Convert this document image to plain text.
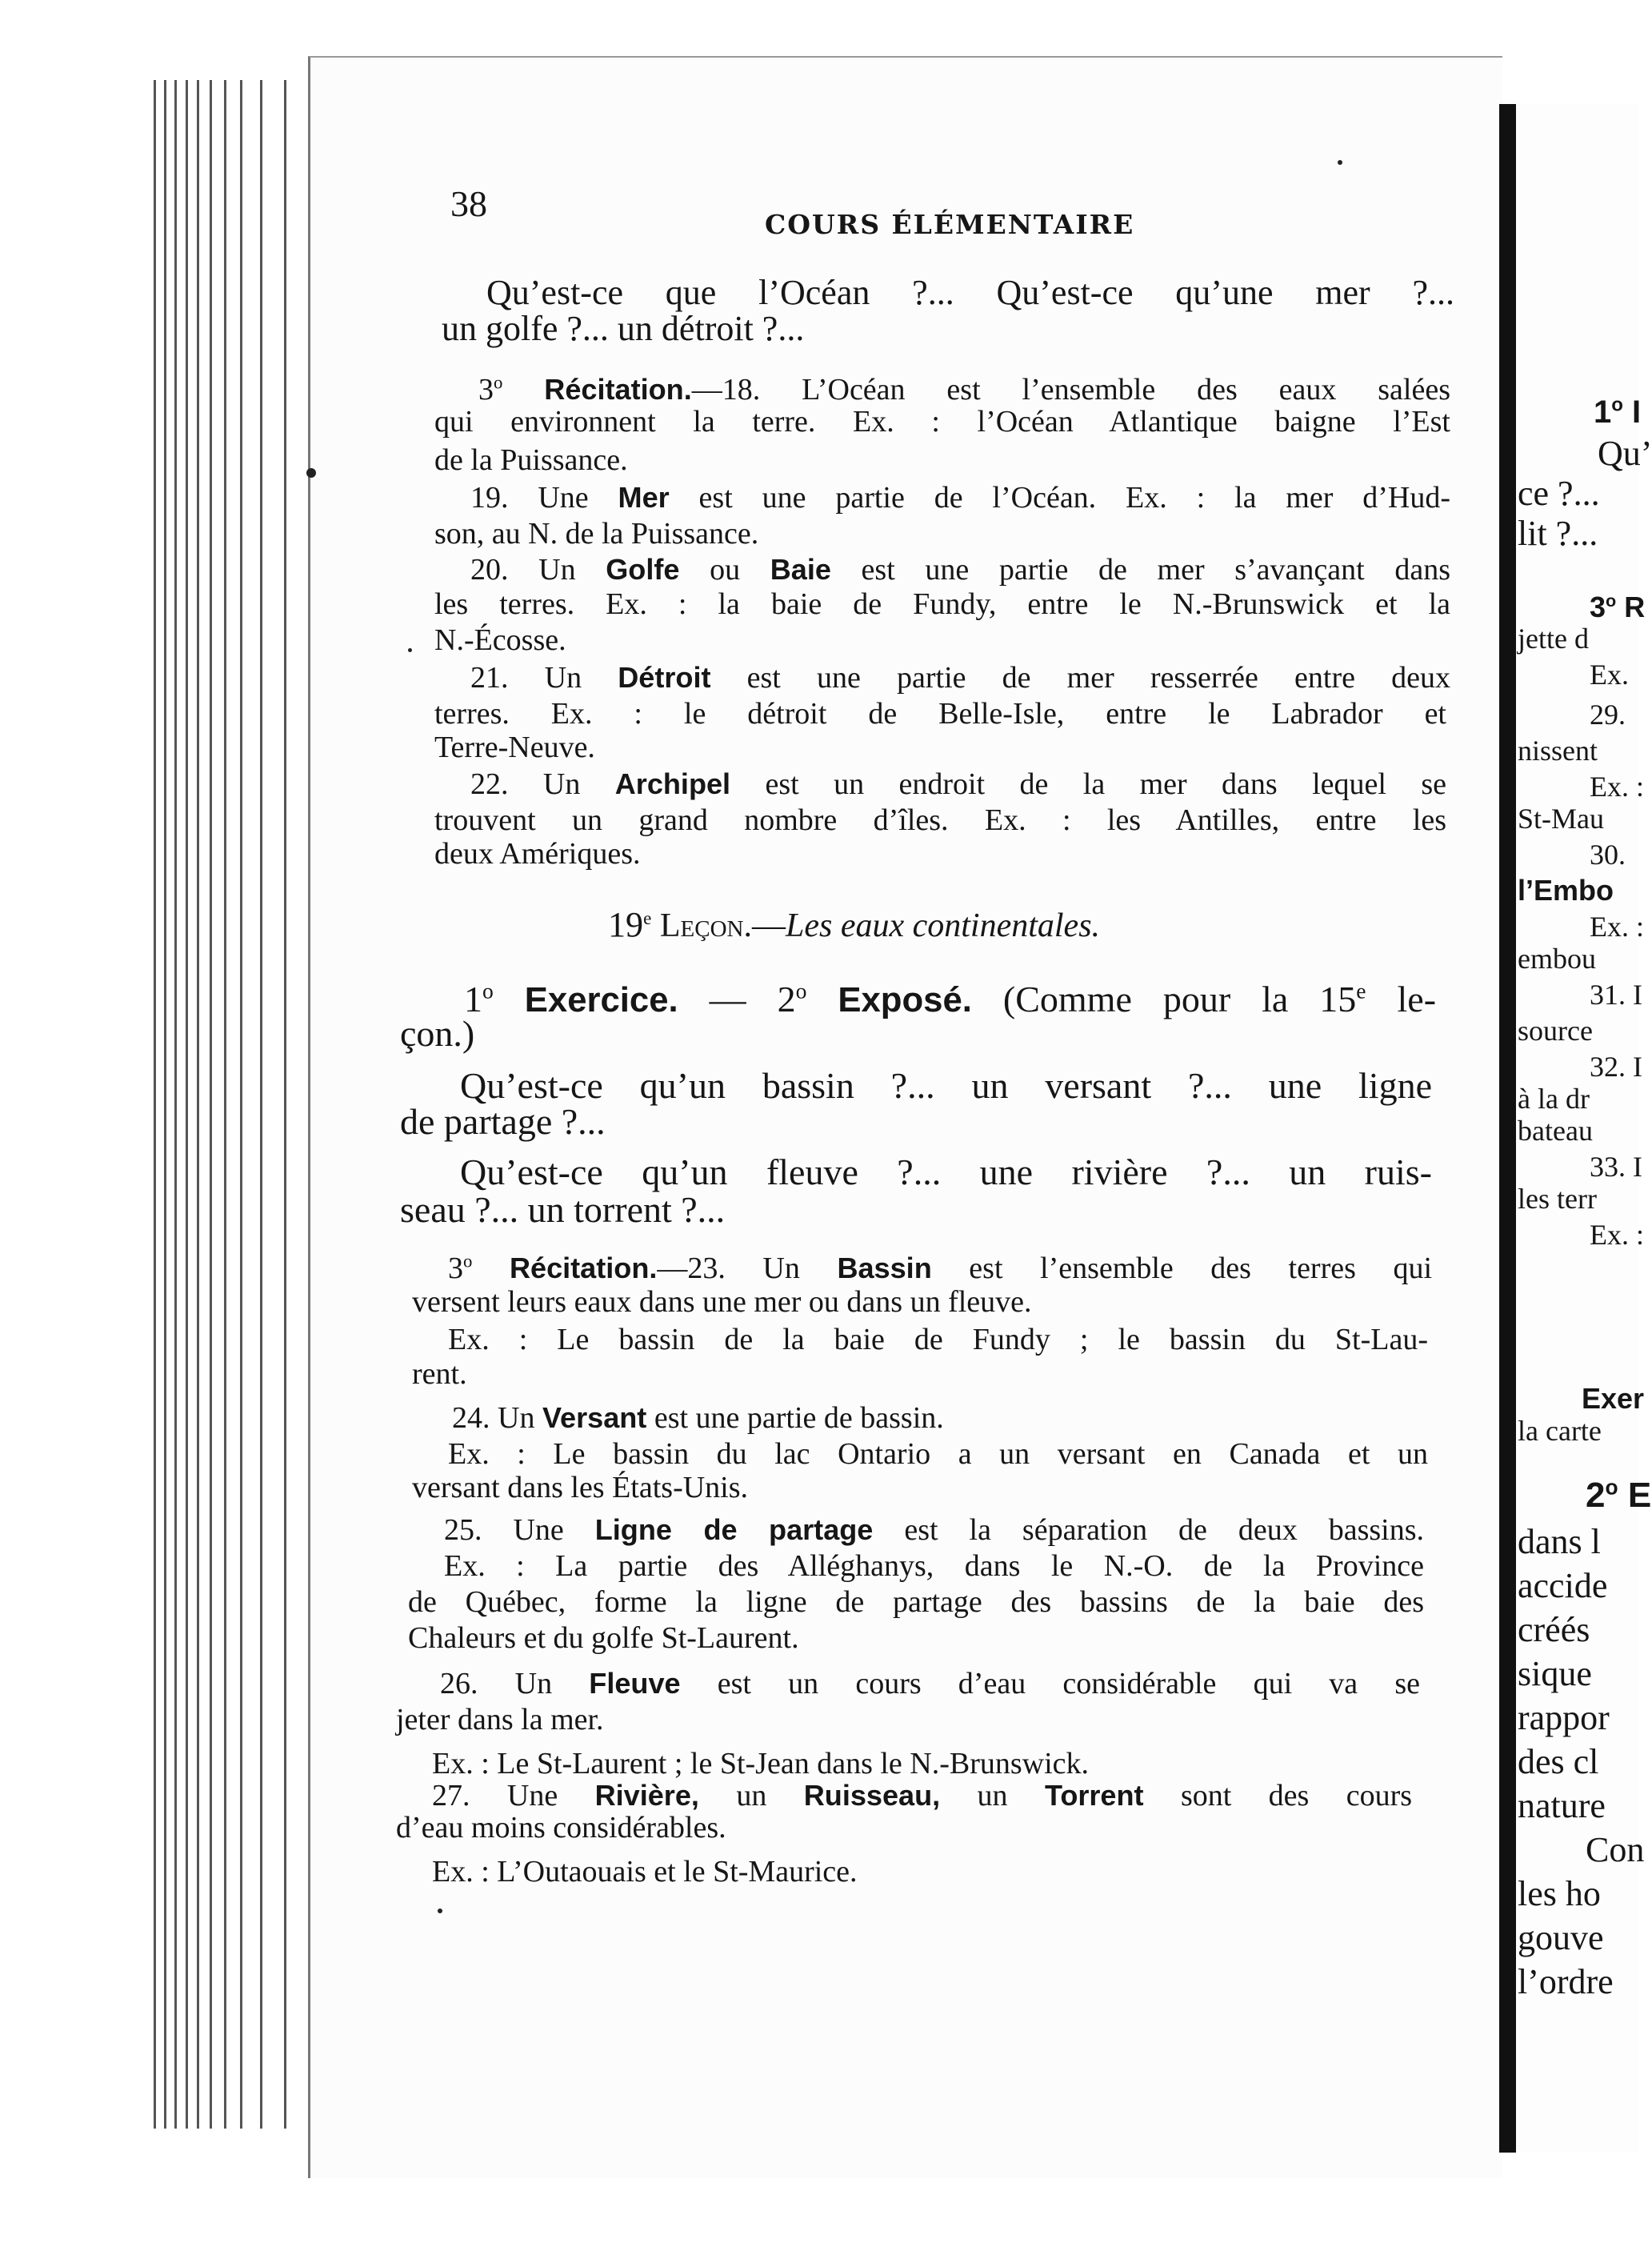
38
COURS ÉLÉMENTAIRE
Qu’est-ce que l’Océan ?... Qu’est-ce qu’une mer ?...
un golfe ?... un détroit ?...
3$^o$ Récitation.—18. L’Océan est l’ensemble des eaux salées
qui environnent la terre. Ex. : l’Océan Atlantique baigne l’Est
de la Puissance.
19. Une Mer est une partie de l’Océan. Ex. : la mer d’Hud-
son, au N. de la Puissance.
20. Un Golfe ou Baie est une partie de mer s’avançant dans
les terres. Ex. : la baie de Fundy, entre le N.-Brunswick et la
N.-Écosse.
21. Un Détroit est une partie de mer resserrée entre deux
terres. Ex. : le détroit de Belle-Isle, entre le Labrador et
Terre-Neuve.
22. Un Archipel est un endroit de la mer dans lequel se
trouvent un grand nombre d’îles. Ex. : les Antilles, entre les
deux Amériques.
19e Leçon.—Les eaux continentales.
1$^o$ Exercice. — 2$^o$ Exposé. (Comme pour la 15e le-
çon.)
Qu’est-ce qu’un bassin ?... un versant ?... une ligne
de partage ?...
Qu’est-ce qu’un fleuve ?... une rivière ?... un ruis-
seau ?... un torrent ?...
3$^o$ Récitation.—23. Un Bassin est l’ensemble des terres qui
versent leurs eaux dans une mer ou dans un fleuve.
Ex. : Le bassin de la baie de Fundy ; le bassin du St-Lau-
rent.
24. Un Versant est une partie de bassin.
Ex. : Le bassin du lac Ontario a un versant en Canada et un
versant dans les États-Unis.
25. Une Ligne de partage est la séparation de deux bassins.
Ex. : La partie des Alléghanys, dans le N.-O. de la Province
de Québec, forme la ligne de partage des bassins de la baie des
Chaleurs et du golfe St-Laurent.
26. Un Fleuve est un cours d’eau considérable qui va se
jeter dans la mer.
Ex. : Le St-Laurent ; le St-Jean dans le N.-Brunswick.
27. Une Rivière, un Ruisseau, un Torrent sont des cours
d’eau moins considérables.
Ex. : L’Outaouais et le St-Maurice.
1$^o$ I
Qu’
ce ?...
lit ?...
3$^o$ R
jette d
Ex.
29.
nissent
Ex. :
St-Mau
30.
l’Embo
Ex. :
embou
31. I
source
32. I
à la dr
bateau
33. I
les terr
Ex. :
Exer
la carte
2$^o$ E
dans l
accide
créés
sique
rappor
des cl
nature
Con
les ho
gouve
l’ordre
